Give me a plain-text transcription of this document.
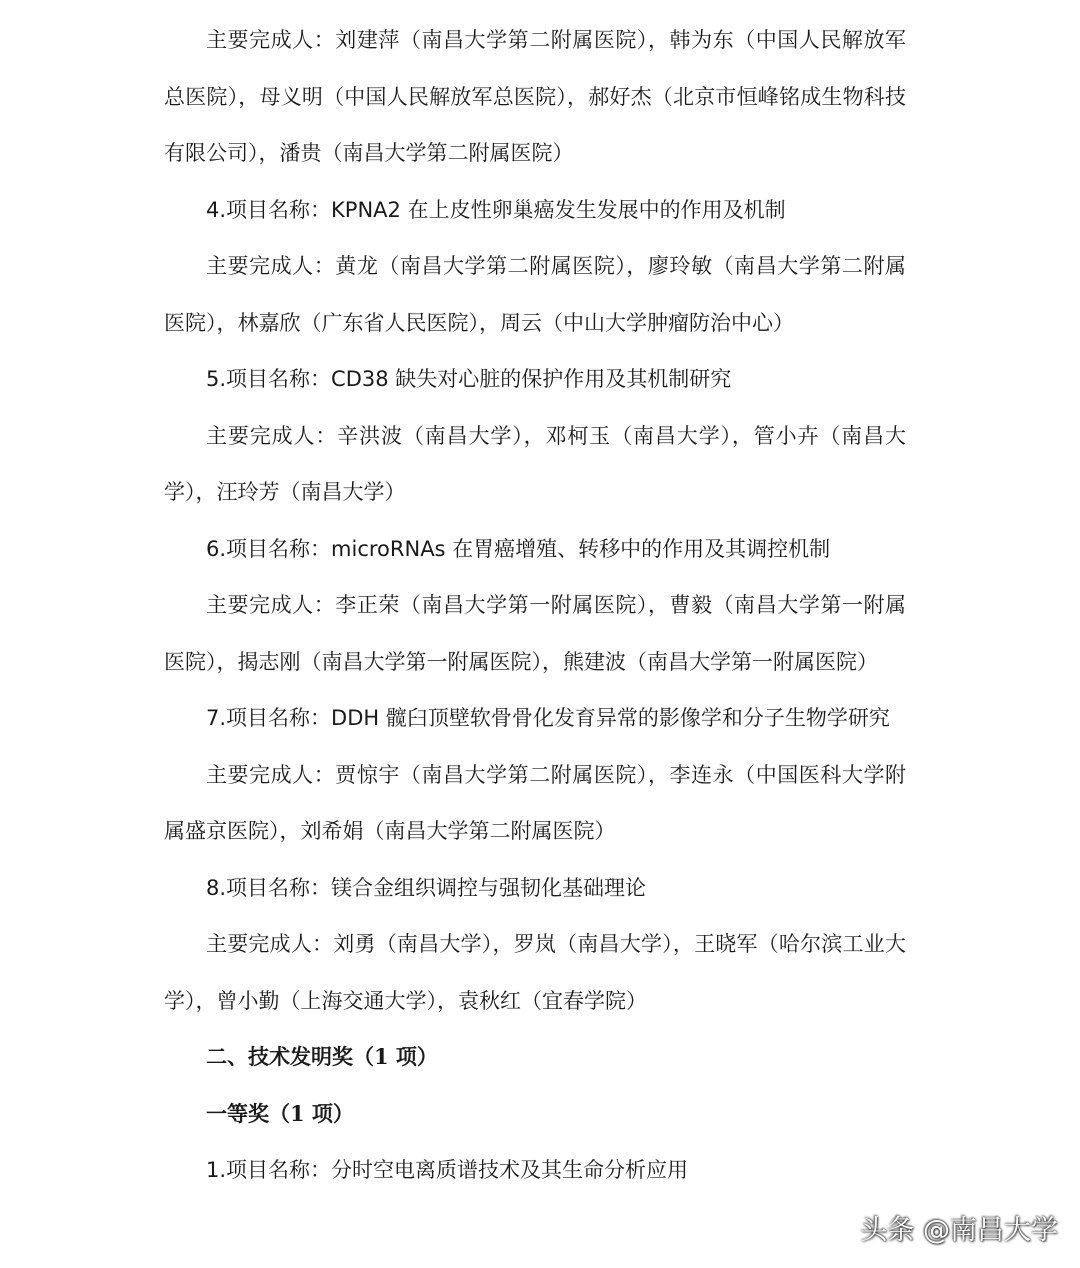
主要完成人：刘建萍（南昌大学第二附属医院），韩为东（中国人民解放军总医院），母义明（中国人民解放军总医院），郝好杰（北京市恒峰铭成生物科技有限公司），潘贵（南昌大学第二附属医院）

4.项目名称：KPNA2 在上皮性卵巢癌发生发展中的作用及机制

主要完成人：黄龙（南昌大学第二附属医院），廖玲敏（南昌大学第二附属医院），林嘉欣（广东省人民医院），周云（中山大学肿瘤防治中心）

5.项目名称：CD38 缺失对心脏的保护作用及其机制研究

主要完成人：辛洪波（南昌大学），邓柯玉（南昌大学），管小卉（南昌大学），汪玲芳（南昌大学）

6.项目名称：microRNAs 在胃癌增殖、转移中的作用及其调控机制

主要完成人：李正荣（南昌大学第一附属医院），曹毅（南昌大学第一附属医院），揭志刚（南昌大学第一附属医院），熊建波（南昌大学第一附属医院）

7.项目名称：DDH 髋臼顶壁软骨骨化发育异常的影像学和分子生物学研究

主要完成人：贾惊宇（南昌大学第二附属医院），李连永（中国医科大学附属盛京医院），刘希娟（南昌大学第二附属医院）

8.项目名称：镁合金组织调控与强韧化基础理论

主要完成人：刘勇（南昌大学），罗岚（南昌大学），王晓军（哈尔滨工业大学），曾小勤（上海交通大学），袁秋红（宜春学院）

二、技术发明奖（1 项）

一等奖（1 项）

1.项目名称：分时空电离质谱技术及其生命分析应用

头条 @南昌大学
